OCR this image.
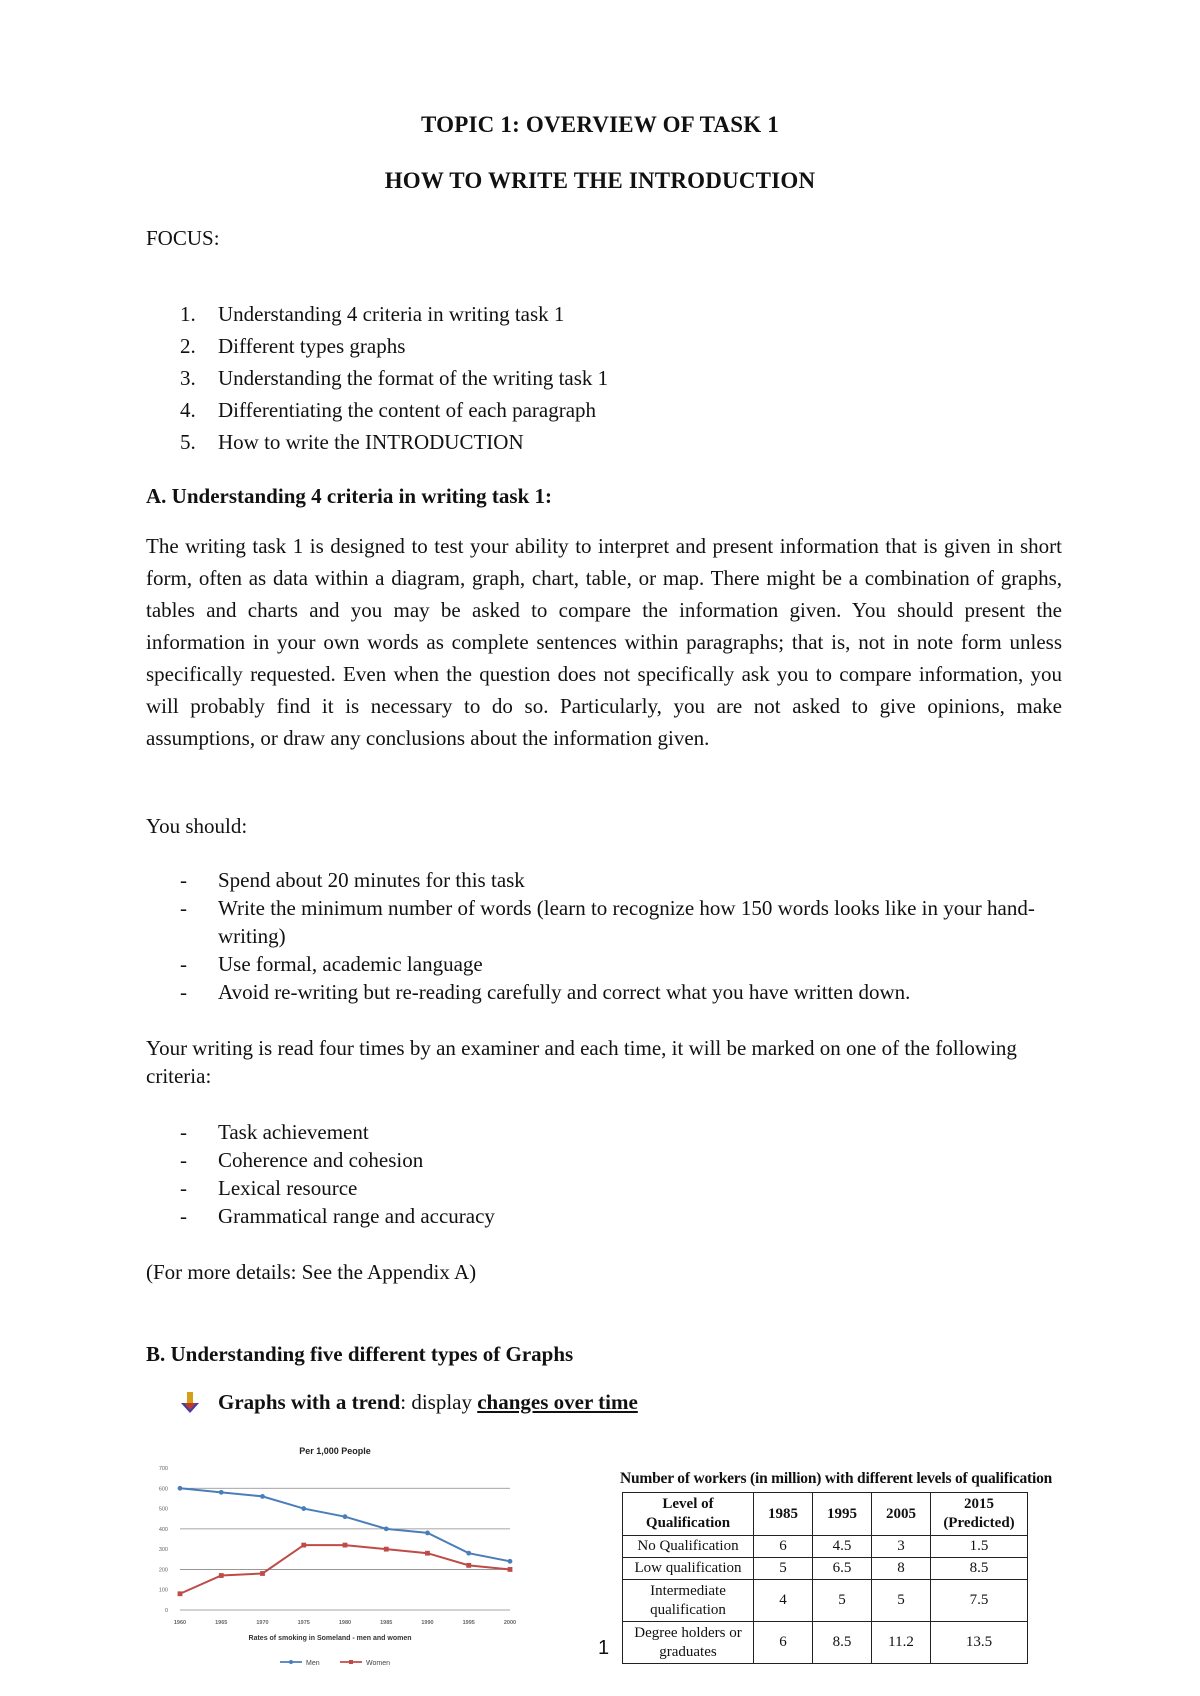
TOPIC 1: OVERVIEW OF TASK 1
HOW TO WRITE THE INTRODUCTION
FOCUS:
1.	Understanding 4 criteria in writing task 1
2.	Different types graphs
3.	Understanding the format of the writing task 1
4.	Differentiating the content of each paragraph
5.	How to write the INTRODUCTION
A. Understanding 4 criteria in writing task 1:
The writing task 1 is designed to test your ability to interpret and present information that is given in short form, often as data within a diagram, graph, chart, table, or map. There might be a combination of graphs, tables and charts and you may be asked to compare the information given. You should present the information in your own words as complete sentences within paragraphs; that is, not in note form unless specifically requested. Even when the question does not specifically ask you to compare information, you will probably find it is necessary to do so. Particularly, you are not asked to give opinions, make assumptions, or draw any conclusions about the information given.
You should:
-	Spend about 20 minutes for this task
-	Write the minimum number of words (learn to recognize how 150 words looks like in your hand-writing)
-	Use formal, academic language
-	Avoid re-writing but re-reading carefully and correct what you have written down.
Your writing is read four times by an examiner and each time, it will be marked on one of the following criteria:
-	Task achievement
-	Coherence and cohesion
-	Lexical resource
-	Grammatical range and accuracy
(For more details: See the Appendix A)
B. Understanding five different types of Graphs
Graphs with a trend : display changes over time
Per 1,000 People
0
100
200
300
400
500
600
700
1960	1965	1970	1975	1980	1985	1990	1995	2000
Rates of smoking in Someland - men and women
Men	Women
Number of workers (in million) with different levels of qualification
Level of Qualification	1985	1995	2005	2015 (Predicted)
No Qualification	6	4.5	3	1.5
Low qualification	5	6.5	8	8.5
Intermediate qualification	4	5	5	7.5
Degree holders or graduates	6	8.5	11.2	13.5
1
